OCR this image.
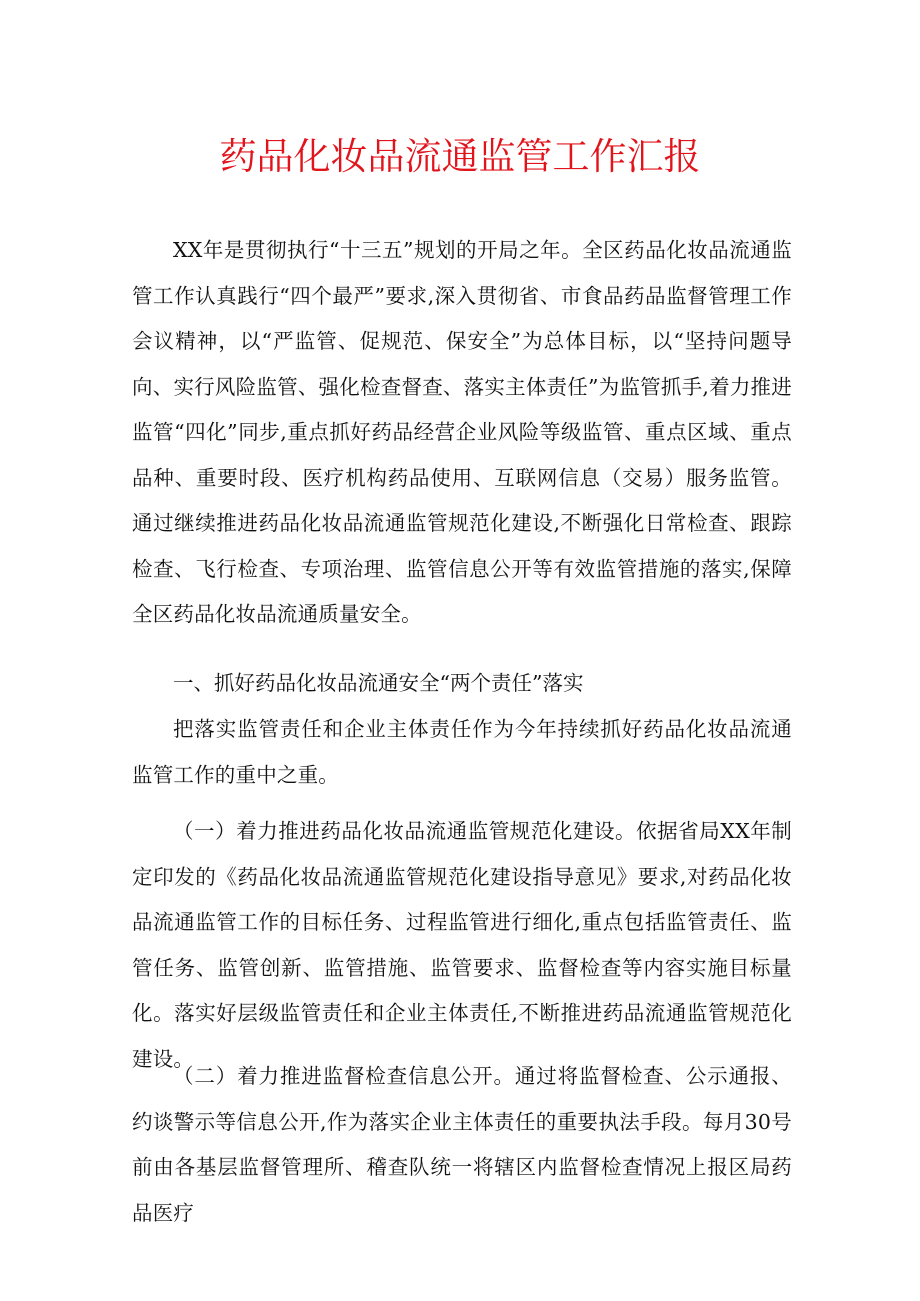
药品化妆品流通监管工作汇报

XX年是贯彻执行“十三五”规划的开局之年。全区药品化妆品流通监管工作认真践行“四个最严”要求,深入贯彻省、市食品药品监督管理工作会议精神，以“严监管、促规范、保安全”为总体目标，以“坚持问题导向、实行风险监管、强化检查督查、落实主体责任”为监管抓手,着力推进监管“四化”同步,重点抓好药品经营企业风险等级监管、重点区域、重点品种、重要时段、医疗机构药品使用、互联网信息（交易）服务监管。通过继续推进药品化妆品流通监管规范化建设,不断强化日常检查、跟踪检查、飞行检查、专项治理、监管信息公开等有效监管措施的落实,保障全区药品化妆品流通质量安全。

一、抓好药品化妆品流通安全“两个责任”落实

把落实监管责任和企业主体责任作为今年持续抓好药品化妆品流通监管工作的重中之重。

（一）着力推进药品化妆品流通监管规范化建设。依据省局XX年制定印发的《药品化妆品流通监管规范化建设指导意见》要求,对药品化妆品流通监管工作的目标任务、过程监管进行细化,重点包括监管责任、监管任务、监管创新、监管措施、监管要求、监督检查等内容实施目标量化。落实好层级监管责任和企业主体责任,不断推进药品流通监管规范化建设。

（二）着力推进监督检查信息公开。通过将监督检查、公示通报、约谈警示等信息公开,作为落实企业主体责任的重要执法手段。每月30号前由各基层监督管理所、稽查队统一将辖区内监督检查情况上报区局药品医疗
